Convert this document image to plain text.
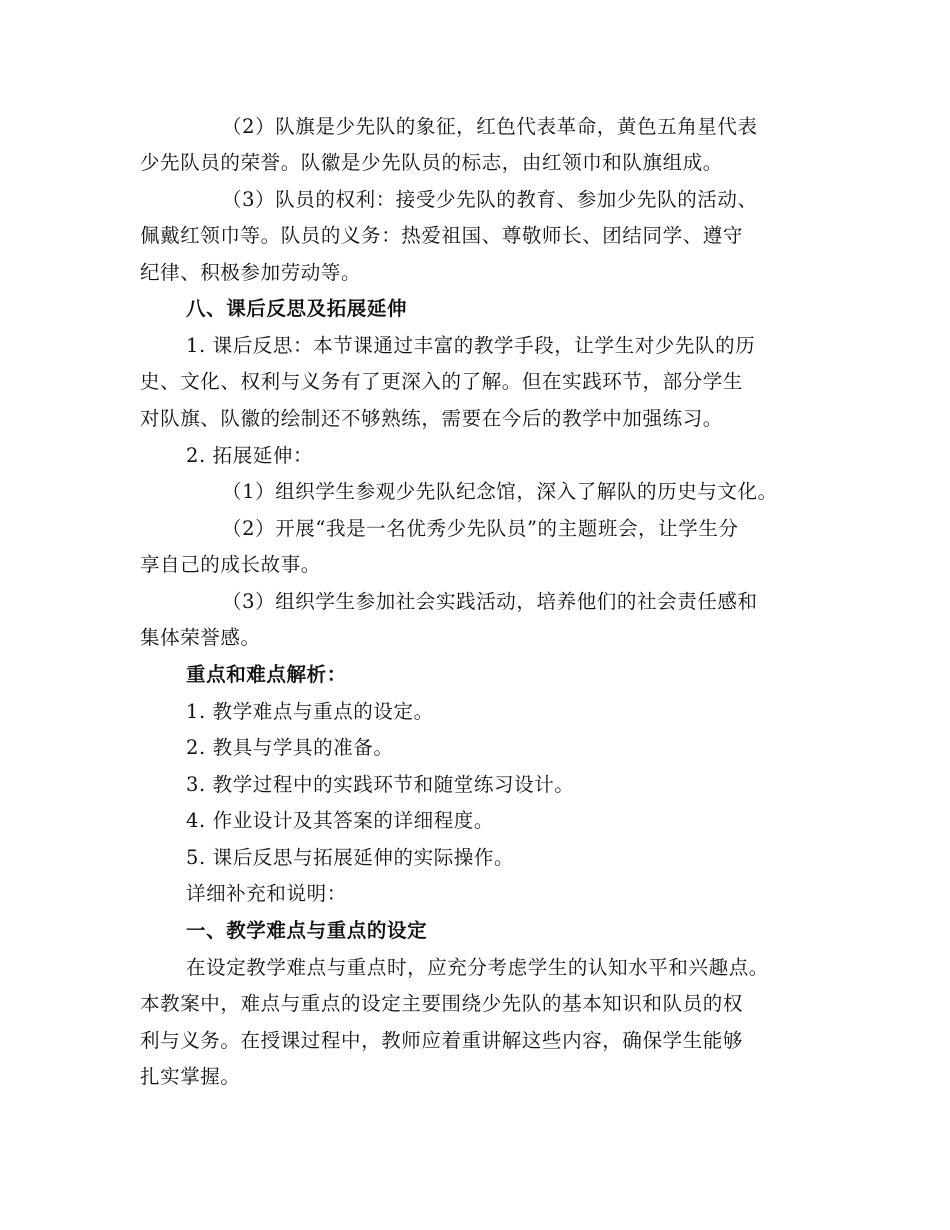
（2）队旗是少先队的象征，红色代表革命，黄色五角星代表
少先队员的荣誉。队徽是少先队员的标志，由红领巾和队旗组成。
（3）队员的权利：接受少先队的教育、参加少先队的活动、
佩戴红领巾等。队员的义务：热爱祖国、尊敬师长、团结同学、遵守
纪律、积极参加劳动等。
八、课后反思及拓展延伸
1. 课后反思：本节课通过丰富的教学手段，让学生对少先队的历
史、文化、权利与义务有了更深入的了解。但在实践环节，部分学生
对队旗、队徽的绘制还不够熟练，需要在今后的教学中加强练习。
2. 拓展延伸：
（1）组织学生参观少先队纪念馆，深入了解队的历史与文化。
（2）开展“我是一名优秀少先队员”的主题班会，让学生分
享自己的成长故事。
（3）组织学生参加社会实践活动，培养他们的社会责任感和
集体荣誉感。
重点和难点解析：
1. 教学难点与重点的设定。
2. 教具与学具的准备。
3. 教学过程中的实践环节和随堂练习设计。
4. 作业设计及其答案的详细程度。
5. 课后反思与拓展延伸的实际操作。
详细补充和说明：
一、教学难点与重点的设定
在设定教学难点与重点时，应充分考虑学生的认知水平和兴趣点。
本教案中，难点与重点的设定主要围绕少先队的基本知识和队员的权
利与义务。在授课过程中，教师应着重讲解这些内容，确保学生能够
扎实掌握。
